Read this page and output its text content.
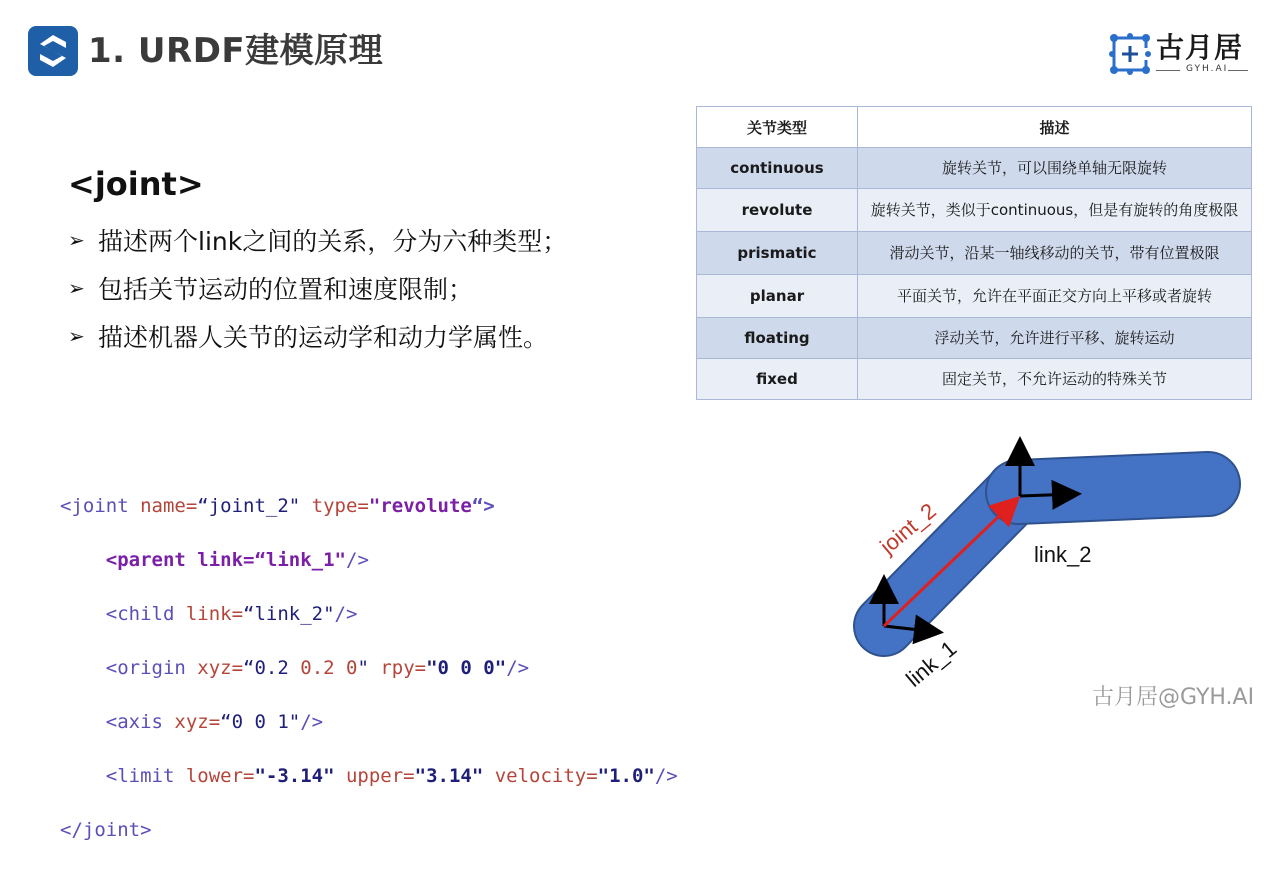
1. URDF建模原理	古月居
GYH.AI
<joint>
➢ 描述两个link之间的关系，分为六种类型；
➢ 包括关节运动的位置和速度限制；
➢ 描述机器人关节的运动学和动力学属性。
关节类型	描述
continuous	旋转关节，可以围绕单轴无限旋转
revolute	旋转关节，类似于continuous，但是有旋转的角度极限
prismatic	滑动关节，沿某一轴线移动的关节，带有位置极限
planar	平面关节，允许在平面正交方向上平移或者旋转
floating	浮动关节，允许进行平移、旋转运动
fixed	固定关节，不允许运动的特殊关节

<joint name=“joint_2" type="revolute“>

<parent link=“link_1"/>

<child link=“link_2"/>

<origin xyz=“0.2 0.2 0" rpy="0 0 0"/>

<axis xyz=“0 0 1"/>

<limit lower="-3.14" upper="3.14" velocity="1.0"/>

</joint>

joint_2	link_2
link_1
古月居@GYH.AI
